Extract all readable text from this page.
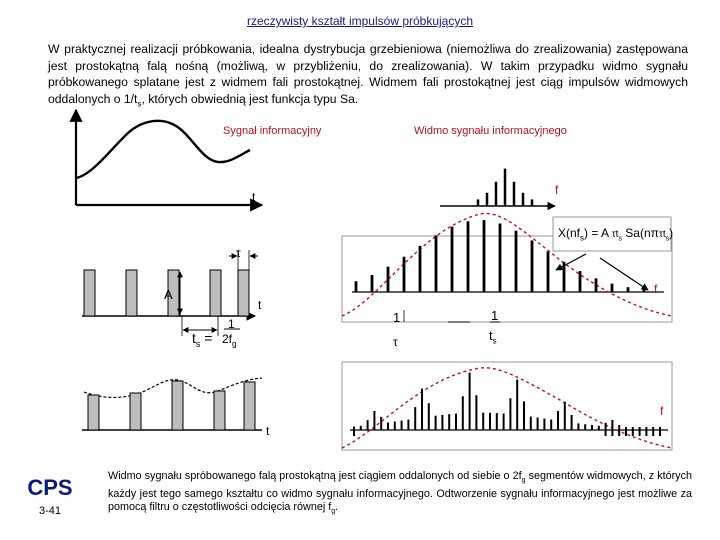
rzeczywisty kształt impulsów próbkujących
W praktycznej realizacji próbkowania, idealna dystrybucja grzebieniowa (niemożliwa do zrealizowania) zastępowana jest prostokątną falą nośną (możliwą, w przybliżeniu, do zrealizowania). W takim przypadku widmo sygnału próbkowanego splatane jest z widmem fali prostokątnej. Widmem fali prostokątnej jest ciąg impulsów widmowych oddalonych o $1/t_s$, których obwiednią jest funkcja typu Sa.
Sygnał informacyjny	Widmo sygnału informacyjnego
t	f
τ
A
t
$t_s$ =
1
$2f_g$
f
1
τ
1
$t_s$
$X(nf_s) = A$ $\tau t_s$ Sa(nπτt$_s$)
f
t
CPS
3-41
Widmo sygnału spróbowanego falą prostokątną jest ciągiem oddalonych od siebie o $2f_g$ segmentów widmowych, z których każdy jest tego samego kształtu co widmo sygnału informacyjnego. Odtworzenie sygnału informacyjnego jest możliwe za pomocą filtru o częstotliwości odcięcia równej $f_g$.
